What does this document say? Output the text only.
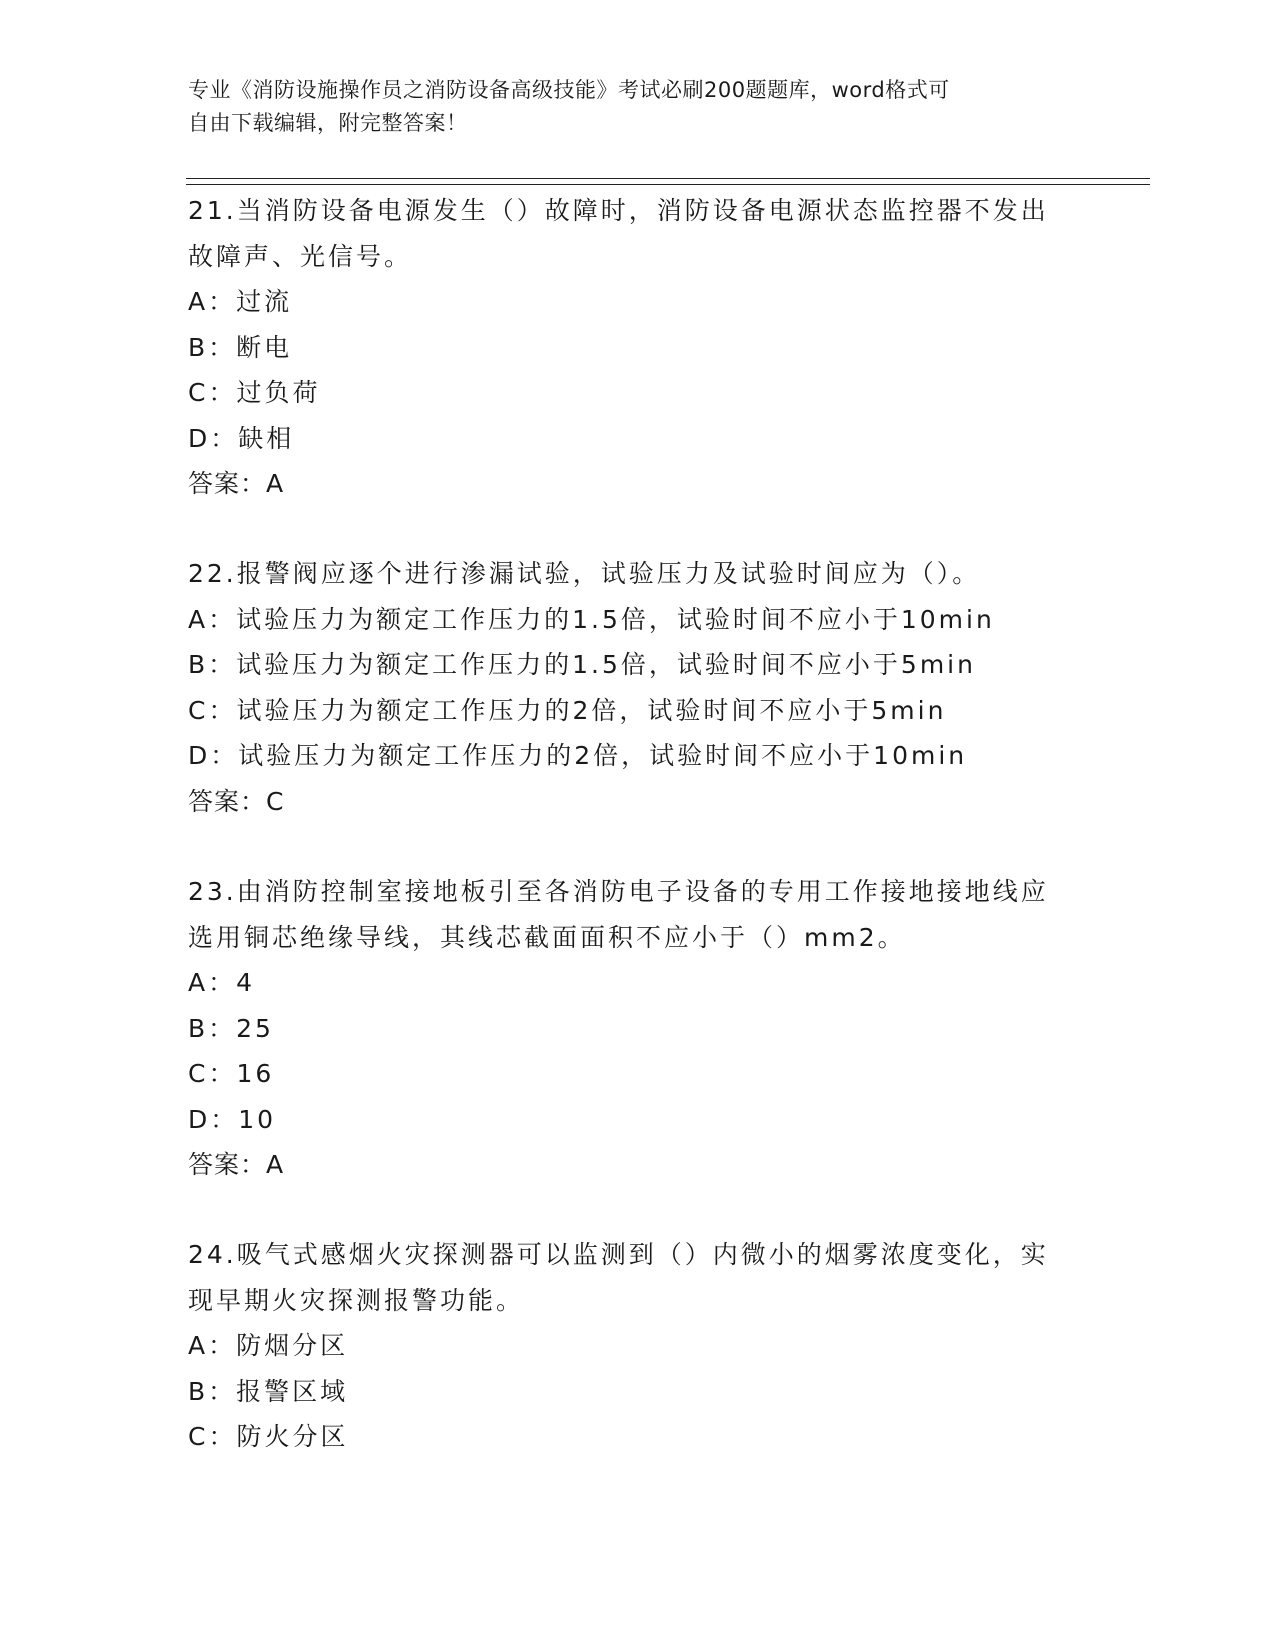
专业《消防设施操作员之消防设备高级技能》考试必刷200题题库，word格式可
自由下载编辑，附完整答案！
21.当消防设备电源发生（）故障时，消防设备电源状态监控器不发出
故障声、光信号。
A：过流
B：断电
C：过负荷
D：缺相
答案：A
22.报警阀应逐个进行渗漏试验，试验压力及试验时间应为（）。
A：试验压力为额定工作压力的1.5倍，试验时间不应小于10min
B：试验压力为额定工作压力的1.5倍，试验时间不应小于5min
C：试验压力为额定工作压力的2倍，试验时间不应小于5min
D：试验压力为额定工作压力的2倍，试验时间不应小于10min
答案：C
23.由消防控制室接地板引至各消防电子设备的专用工作接地接地线应
选用铜芯绝缘导线，其线芯截面面积不应小于（）mm2。
A：4
B：25
C：16
D：10
答案：A
24.吸气式感烟火灾探测器可以监测到（）内微小的烟雾浓度变化，实
现早期火灾探测报警功能。
A：防烟分区
B：报警区域
C：防火分区
